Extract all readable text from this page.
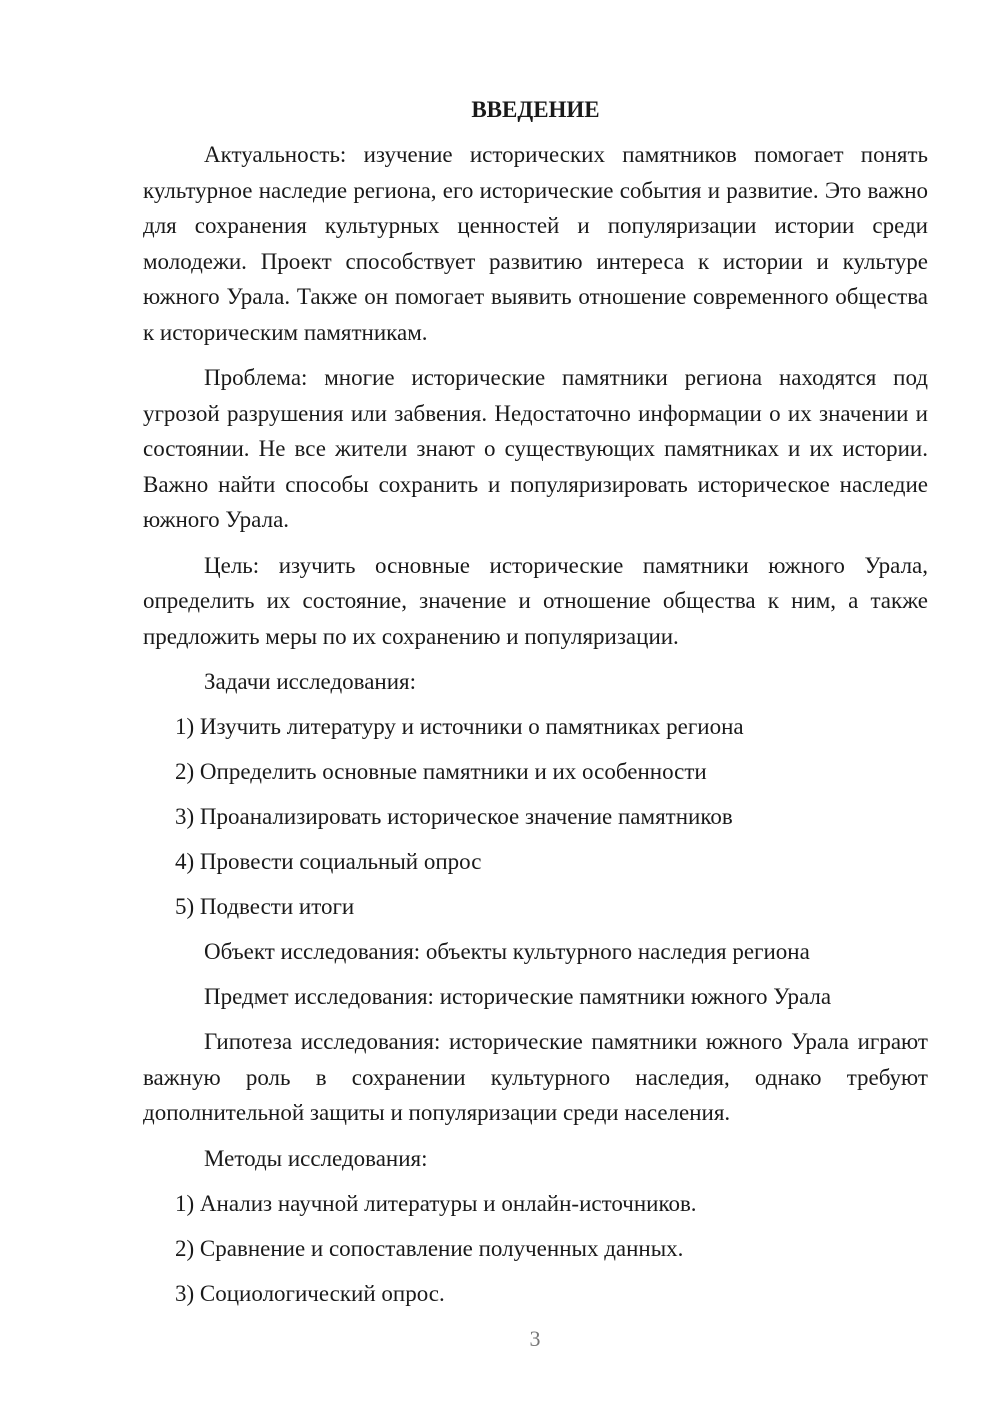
ВВЕДЕНИЕ

Актуальность: изучение исторических памятников помогает понять культурное наследие региона, его исторические события и развитие. Это важно для сохранения культурных ценностей и популяризации истории среди молодежи. Проект способствует развитию интереса к истории и культуре южного Урала. Также он помогает выявить отношение современного общества к историческим памятникам.

Проблема: многие исторические памятники региона находятся под угрозой разрушения или забвения. Недостаточно информации о их значении и состоянии. Не все жители знают о существующих памятниках и их истории. Важно найти способы сохранить и популяризировать историческое наследие южного Урала.

Цель: изучить основные исторические памятники южного Урала, определить их состояние, значение и отношение общества к ним, а также предложить меры по их сохранению и популяризации.

Задачи исследования:
1) Изучить литературу и источники о памятниках региона
2) Определить основные памятники и их особенности
3) Проанализировать историческое значение памятников
4) Провести социальный опрос
5) Подвести итоги
Объект исследования: объекты культурного наследия региона
Предмет исследования: исторические памятники южного Урала

Гипотеза исследования: исторические памятники южного Урала играют важную роль в сохранении культурного наследия, однако требуют дополнительной защиты и популяризации среди населения.

Методы исследования:
1) Анализ научной литературы и онлайн-источников.
2) Сравнение и сопоставление полученных данных.
3) Социологический опрос.
3
